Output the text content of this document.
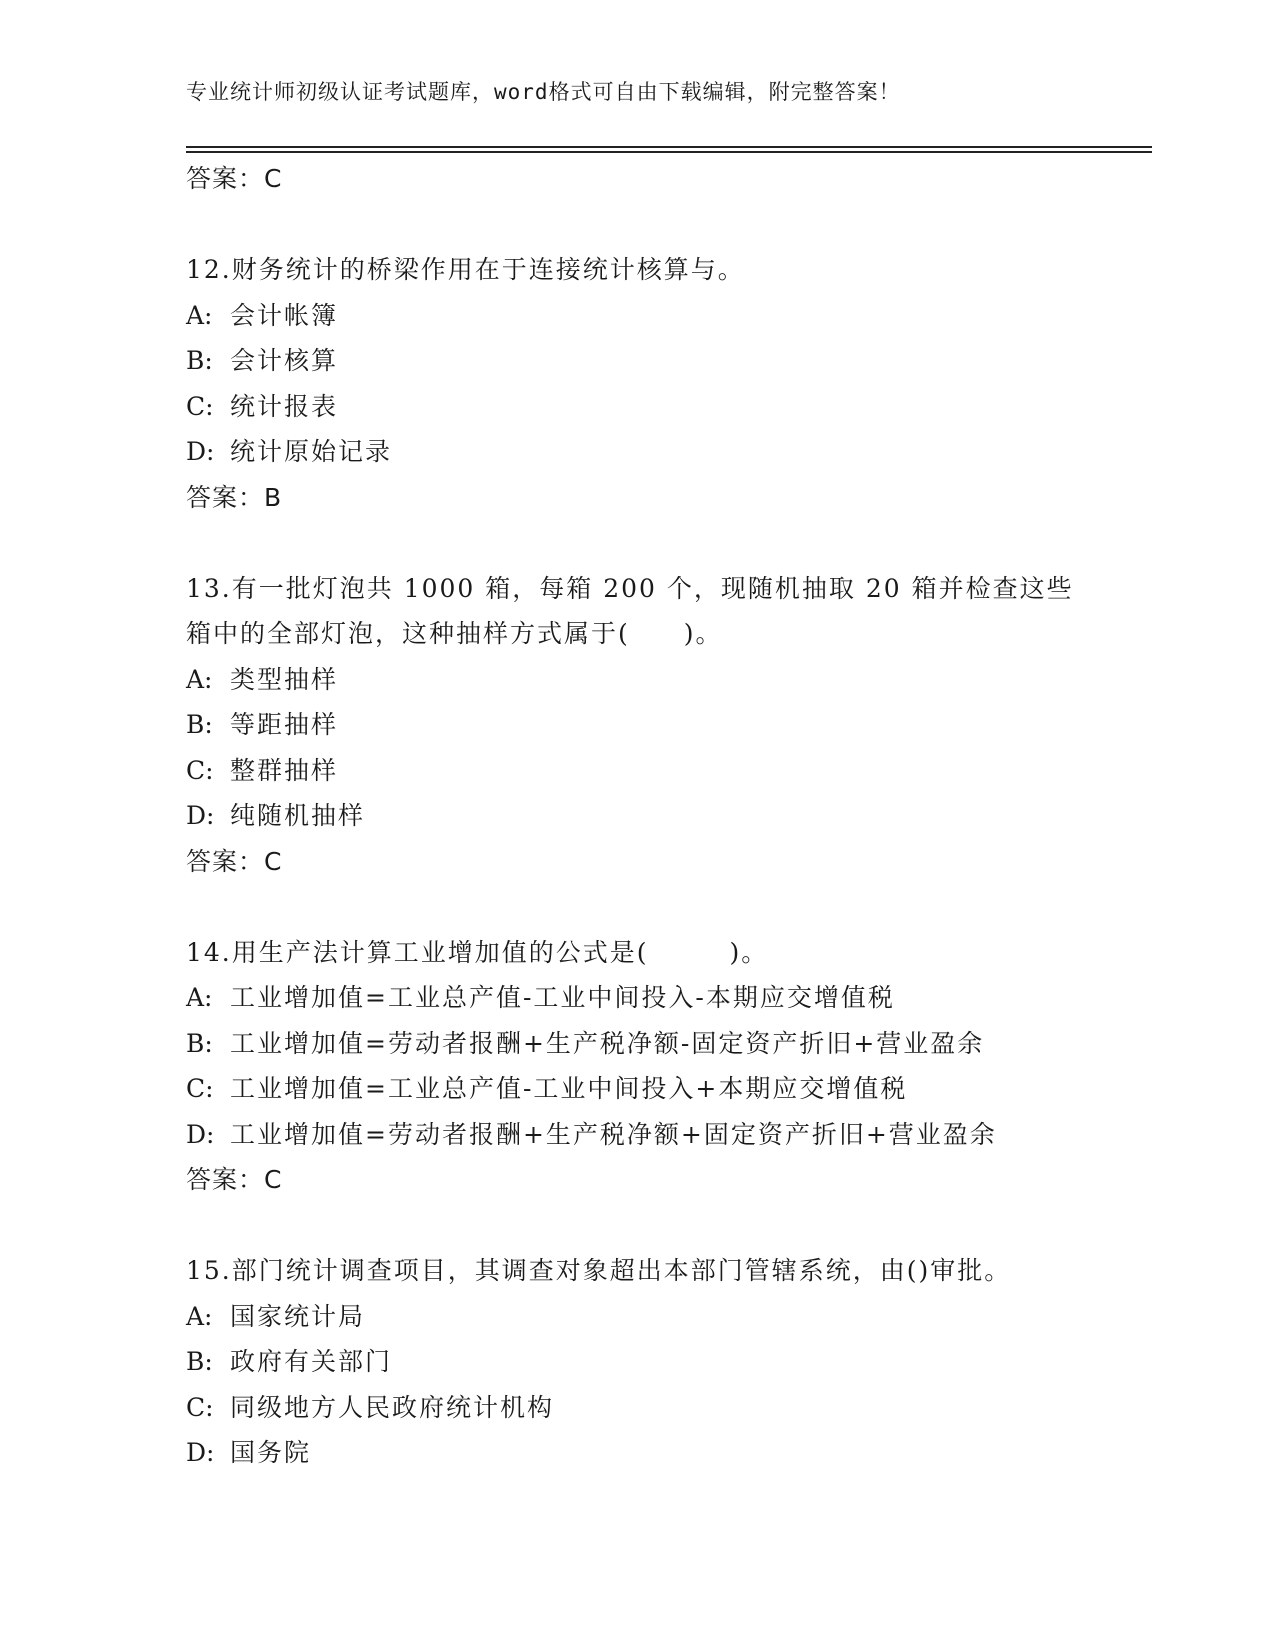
专业统计师初级认证考试题库，word格式可自由下载编辑，附完整答案！
答案：C
12.财务统计的桥梁作用在于连接统计核算与。
A: 会计帐簿
B: 会计核算
C: 统计报表
D: 统计原始记录
答案：B
13.有一批灯泡共 1000 箱，每箱 200 个，现随机抽取 20 箱并检查这些
箱中的全部灯泡，这种抽样方式属于(　　)。
A: 类型抽样
B: 等距抽样
C: 整群抽样
D: 纯随机抽样
答案：C
14.用生产法计算工业增加值的公式是(　　　)。
A: 工业增加值=工业总产值-工业中间投入-本期应交增值税
B: 工业增加值=劳动者报酬+生产税净额-固定资产折旧+营业盈余
C: 工业增加值=工业总产值-工业中间投入+本期应交增值税
D: 工业增加值=劳动者报酬+生产税净额+固定资产折旧+营业盈余
答案：C
15.部门统计调查项目，其调查对象超出本部门管辖系统，由()审批。
A: 国家统计局
B: 政府有关部门
C: 同级地方人民政府统计机构
D: 国务院
